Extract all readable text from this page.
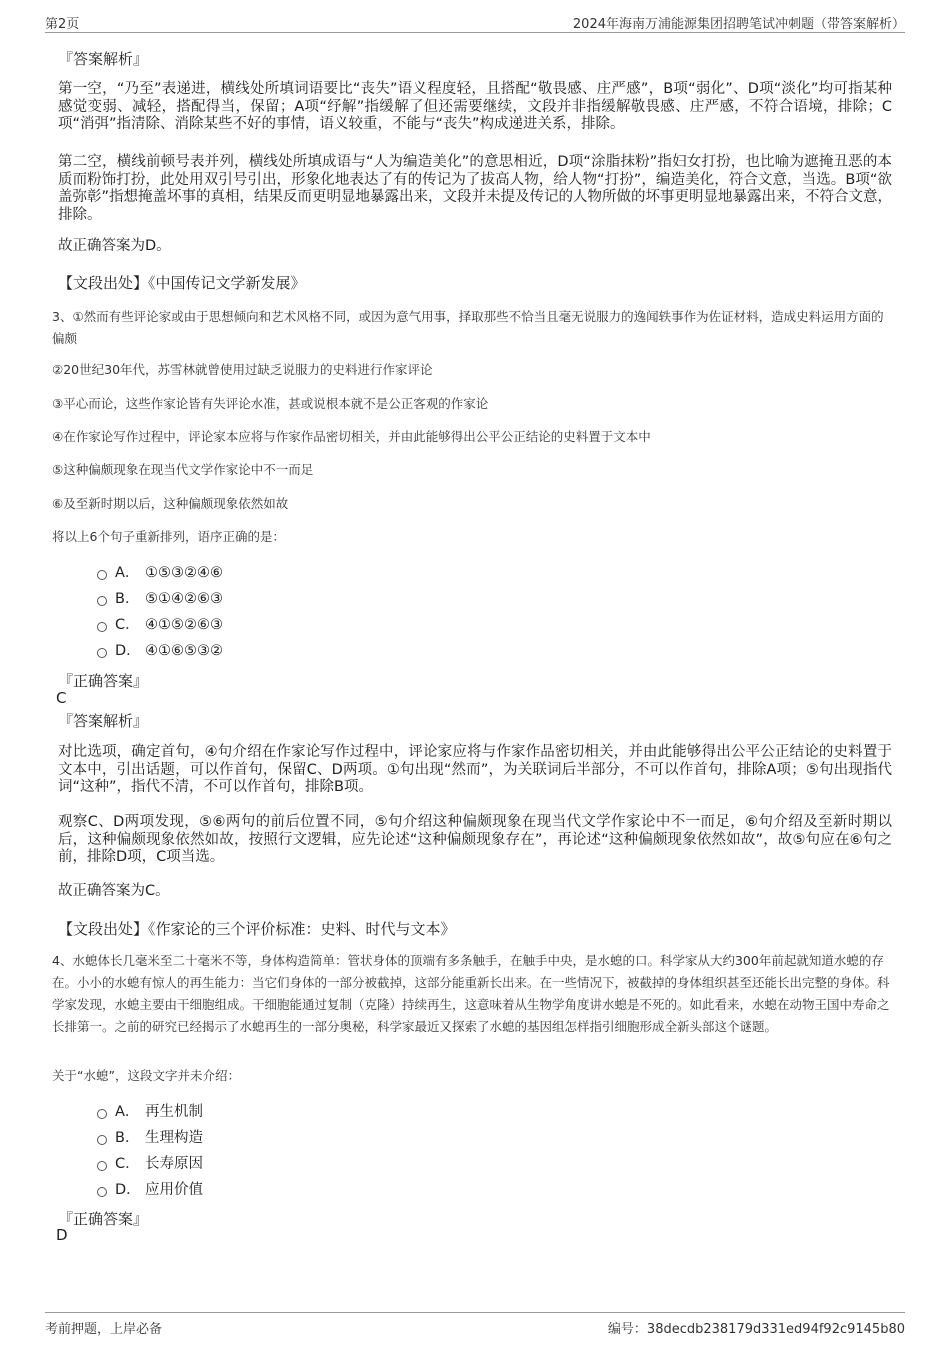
第2页	2024年海南万浦能源集团招聘笔试冲刺题（带答案解析）
『答案解析』
第一空，“乃至”表递进，横线处所填词语要比“丧失”语义程度轻，且搭配“敬畏感、庄严感”，B项“弱化”、D项“淡化”均可指某种感觉变弱、减轻，搭配得当，保留；A项“纾解”指缓解了但还需要继续，文段并非指缓解敬畏感、庄严感，不符合语境，排除；C项“消弭”指清除、消除某些不好的事情，语义较重，不能与“丧失”构成递进关系，排除。
第二空，横线前顿号表并列，横线处所填成语与“人为编造美化”的意思相近，D项“涂脂抹粉”指妇女打扮，也比喻为遮掩丑恶的本质而粉饰打扮，此处用双引号引出，形象化地表达了有的传记为了拔高人物，给人物“打扮”，编造美化，符合文意，当选。B项“欲盖弥彰”指想掩盖坏事的真相，结果反而更明显地暴露出来，文段并未提及传记的人物所做的坏事更明显地暴露出来，不符合文意，排除。
故正确答案为D。
【文段出处】《中国传记文学新发展》
3、①然而有些评论家或由于思想倾向和艺术风格不同，或因为意气用事，择取那些不恰当且毫无说服力的逸闻轶事作为佐证材料，造成史料运用方面的偏颇
②20世纪30年代，苏雪林就曾使用过缺乏说服力的史料进行作家评论
③平心而论，这些作家论皆有失评论水准，甚或说根本就不是公正客观的作家论
④在作家论写作过程中，评论家本应将与作家作品密切相关，并由此能够得出公平公正结论的史料置于文本中
⑤这种偏颇现象在现当代文学作家论中不一而足
⑥及至新时期以后，这种偏颇现象依然如故
将以上6个句子重新排列，语序正确的是：
A． ①⑤③②④⑥
B． ⑤①④②⑥③
C． ④①⑤②⑥③
D． ④①⑥⑤③②
『正确答案』
C
『答案解析』
对比选项，确定首句，④句介绍在作家论写作过程中，评论家应将与作家作品密切相关，并由此能够得出公平公正结论的史料置于文本中，引出话题，可以作首句，保留C、D两项。①句出现“然而”，为关联词后半部分，不可以作首句，排除A项；⑤句出现指代词“这种”，指代不清，不可以作首句，排除B项。
观察C、D两项发现，⑤⑥两句的前后位置不同，⑤句介绍这种偏颇现象在现当代文学作家论中不一而足，⑥句介绍及至新时期以后，这种偏颇现象依然如故，按照行文逻辑，应先论述“这种偏颇现象存在”，再论述“这种偏颇现象依然如故”，故⑤句应在⑥句之前，排除D项，C项当选。
故正确答案为C。
【文段出处】《作家论的三个评价标准：史料、时代与文本》
4、水螅体长几毫米至二十毫米不等，身体构造简单：管状身体的顶端有多条触手，在触手中央，是水螅的口。科学家从大约300年前起就知道水螅的存在。小小的水螅有惊人的再生能力：当它们身体的一部分被截掉，这部分能重新长出来。在一些情况下，被截掉的身体组织甚至还能长出完整的身体。科学家发现，水螅主要由干细胞组成。干细胞能通过复制（克隆）持续再生，这意味着从生物学角度讲水螅是不死的。如此看来，水螅在动物王国中寿命之长排第一。之前的研究已经揭示了水螅再生的一部分奥秘，科学家最近又探索了水螅的基因组怎样指引细胞形成全新头部这个谜题。
关于“水螅”，这段文字并未介绍：
A． 再生机制
B． 生理构造
C． 长寿原因
D． 应用价值
『正确答案』
D
考前押题，上岸必备	编号：38decdb238179d331ed94f92c9145b80
